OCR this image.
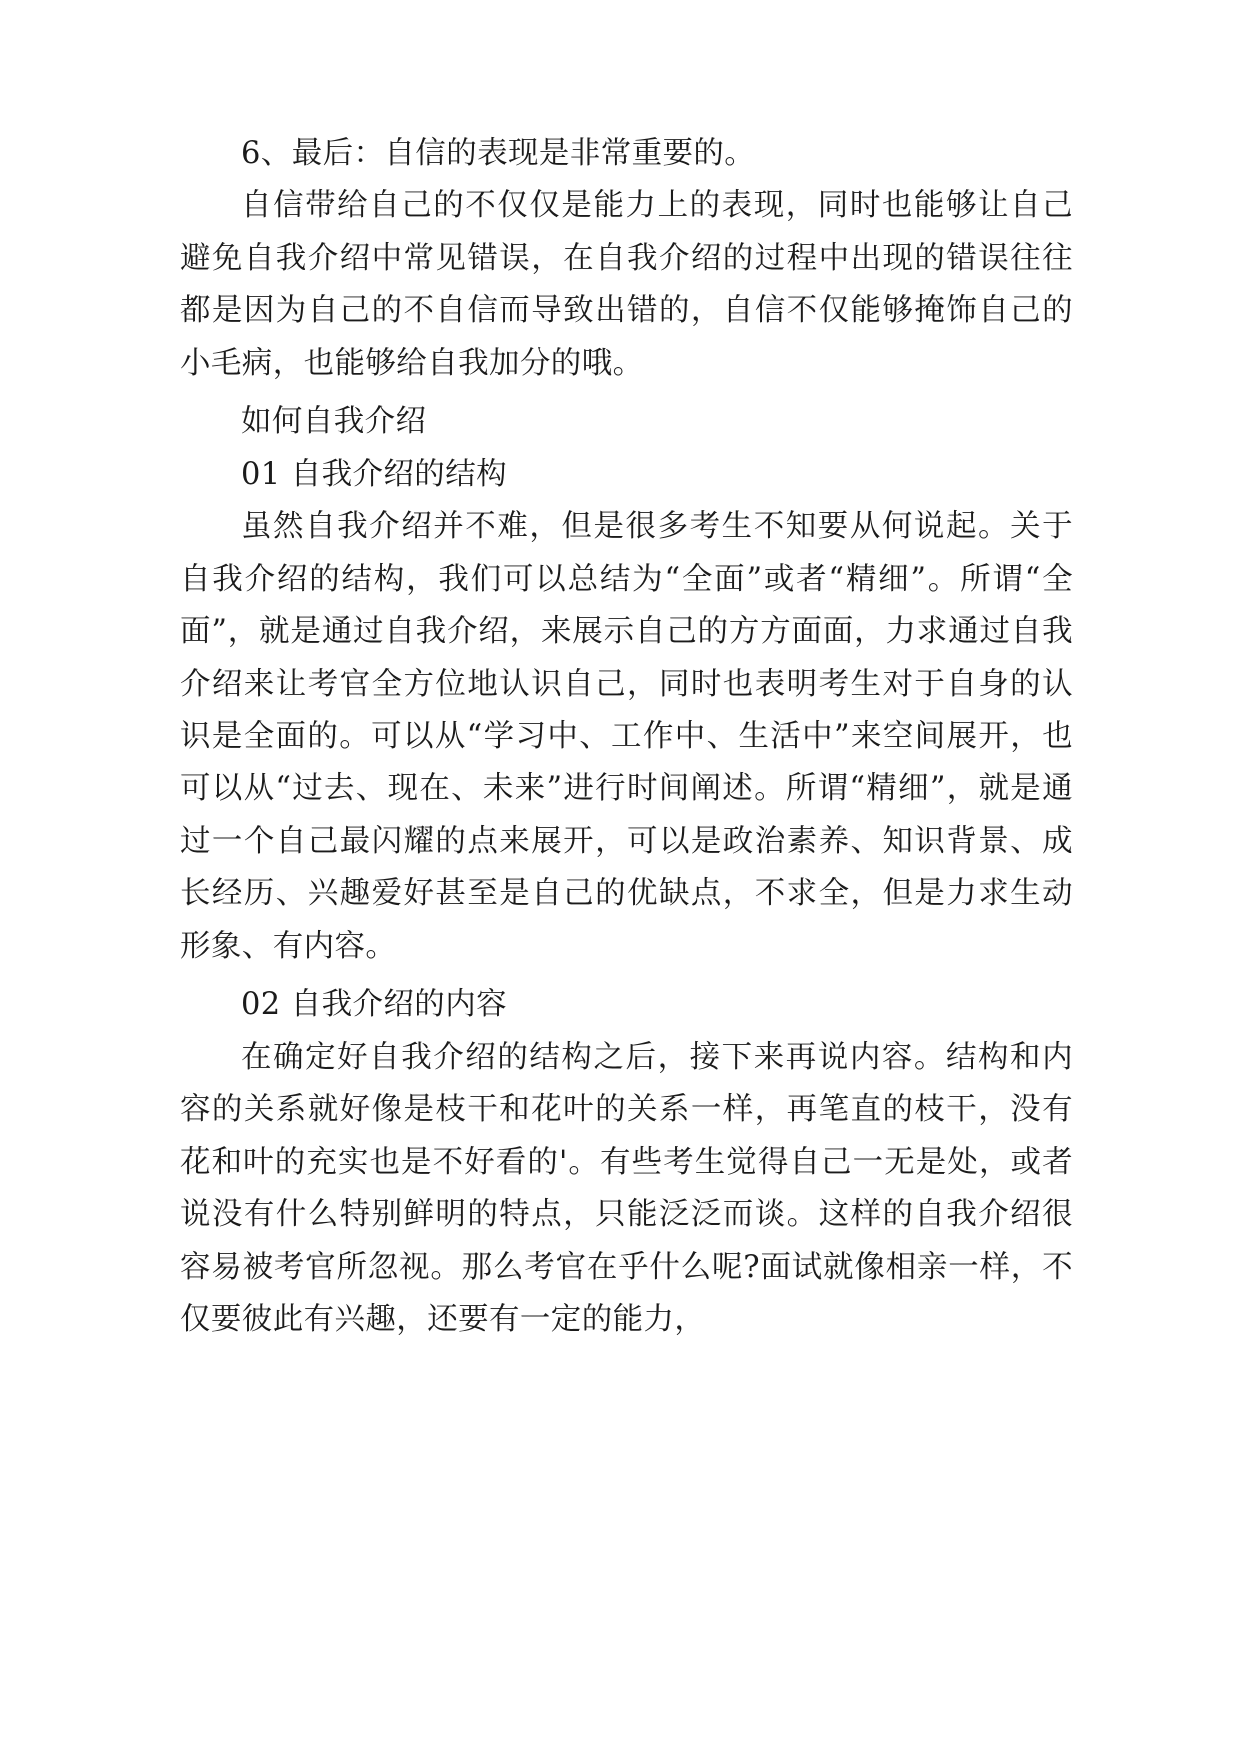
6、最后：自信的表现是非常重要的。

自信带给自己的不仅仅是能力上的表现，同时也能够让自己避免自我介绍中常见错误，在自我介绍的过程中出现的错误往往都是因为自己的不自信而导致出错的，自信不仅能够掩饰自己的小毛病，也能够给自我加分的哦。

如何自我介绍

01 自我介绍的结构

虽然自我介绍并不难，但是很多考生不知要从何说起。关于自我介绍的结构，我们可以总结为“全面”或者“精细”。所谓“全面”，就是通过自我介绍，来展示自己的方方面面，力求通过自我介绍来让考官全方位地认识自己，同时也表明考生对于自身的认识是全面的。可以从“学习中、工作中、生活中”来空间展开，也可以从“过去、现在、未来”进行时间阐述。所谓“精细”，就是通过一个自己最闪耀的点来展开，可以是政治素养、知识背景、成长经历、兴趣爱好甚至是自己的优缺点，不求全，但是力求生动形象、有内容。

02 自我介绍的内容

在确定好自我介绍的结构之后，接下来再说内容。结构和内容的关系就好像是枝干和花叶的关系一样，再笔直的枝干，没有花和叶的充实也是不好看的'。有些考生觉得自己一无是处，或者说没有什么特别鲜明的特点，只能泛泛而谈。这样的自我介绍很容易被考官所忽视。那么考官在乎什么呢?面试就像相亲一样，不仅要彼此有兴趣，还要有一定的能力，
